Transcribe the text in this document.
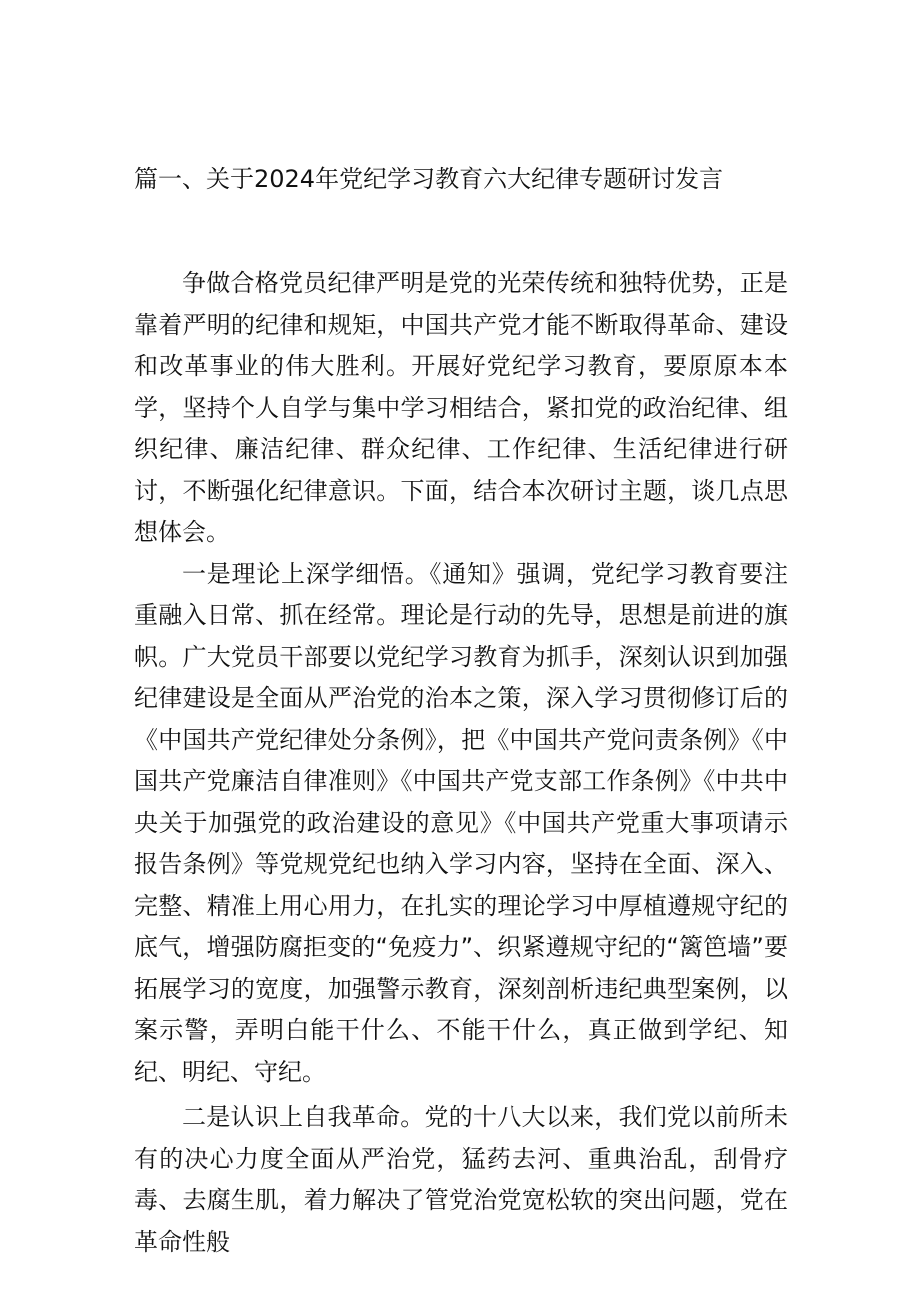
篇一、关于2024年党纪学习教育六大纪律专题研讨发言

争做合格党员纪律严明是党的光荣传统和独特优势，正是靠着严明的纪律和规矩，中国共产党才能不断取得革命、建设和改革事业的伟大胜利。开展好党纪学习教育，要原原本本学，坚持个人自学与集中学习相结合，紧扣党的政治纪律、组织纪律、廉洁纪律、群众纪律、工作纪律、生活纪律进行研讨，不断强化纪律意识。下面，结合本次研讨主题，谈几点思想体会。

一是理论上深学细悟。《通知》强调，党纪学习教育要注重融入日常、抓在经常。理论是行动的先导，思想是前进的旗帜。广大党员干部要以党纪学习教育为抓手，深刻认识到加强纪律建设是全面从严治党的治本之策，深入学习贯彻修订后的《中国共产党纪律处分条例》，把《中国共产党问责条例》《中国共产党廉洁自律准则》《中国共产党支部工作条例》《中共中央关于加强党的政治建设的意见》《中国共产党重大事项请示报告条例》等党规党纪也纳入学习内容，坚持在全面、深入、完整、精准上用心用力，在扎实的理论学习中厚植遵规守纪的底气，增强防腐拒变的“免疫力”、织紧遵规守纪的“篱笆墙”要拓展学习的宽度，加强警示教育，深刻剖析违纪典型案例，以案示警，弄明白能干什么、不能干什么，真正做到学纪、知纪、明纪、守纪。

二是认识上自我革命。党的十八大以来，我们党以前所未有的决心力度全面从严治党，猛药去河、重典治乱，刮骨疗毒、去腐生肌，着力解决了管党治党宽松软的突出问题，党在革命性般
